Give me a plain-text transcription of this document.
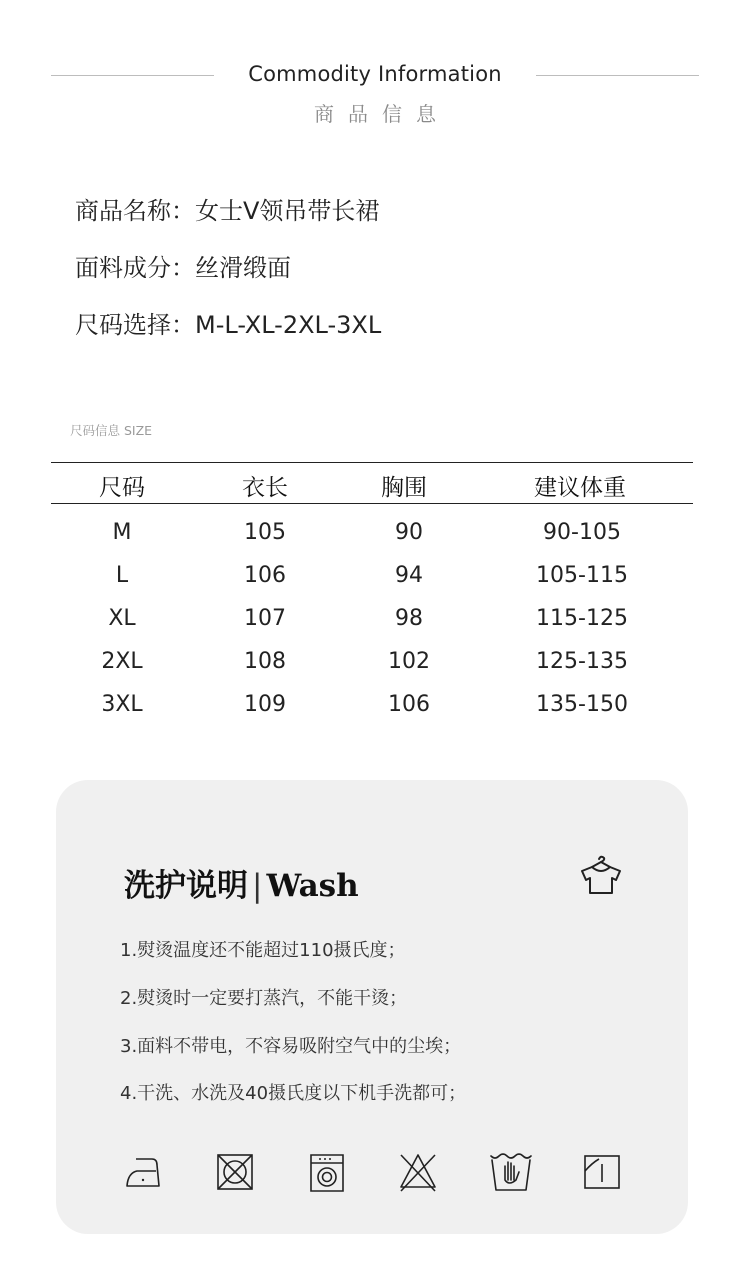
Commodity Information
商品信息
商品名称：女士V领吊带长裙
面料成分：丝滑缎面
尺码选择：M-L-XL-2XL-3XL
尺码信息 SIZE
尺码	衣长	胸围	建议体重
M	105	90	90-105
L	106	94	105-115
XL	107	98	115-125
2XL	108	102	125-135
3XL	109	106	135-150
洗护说明 | Wash
1.熨烫温度还不能超过110摄氏度；
2.熨烫时一定要打蒸汽，不能干烫；
3.面料不带电，不容易吸附空气中的尘埃；
4.干洗、水洗及40摄氏度以下机手洗都可；
